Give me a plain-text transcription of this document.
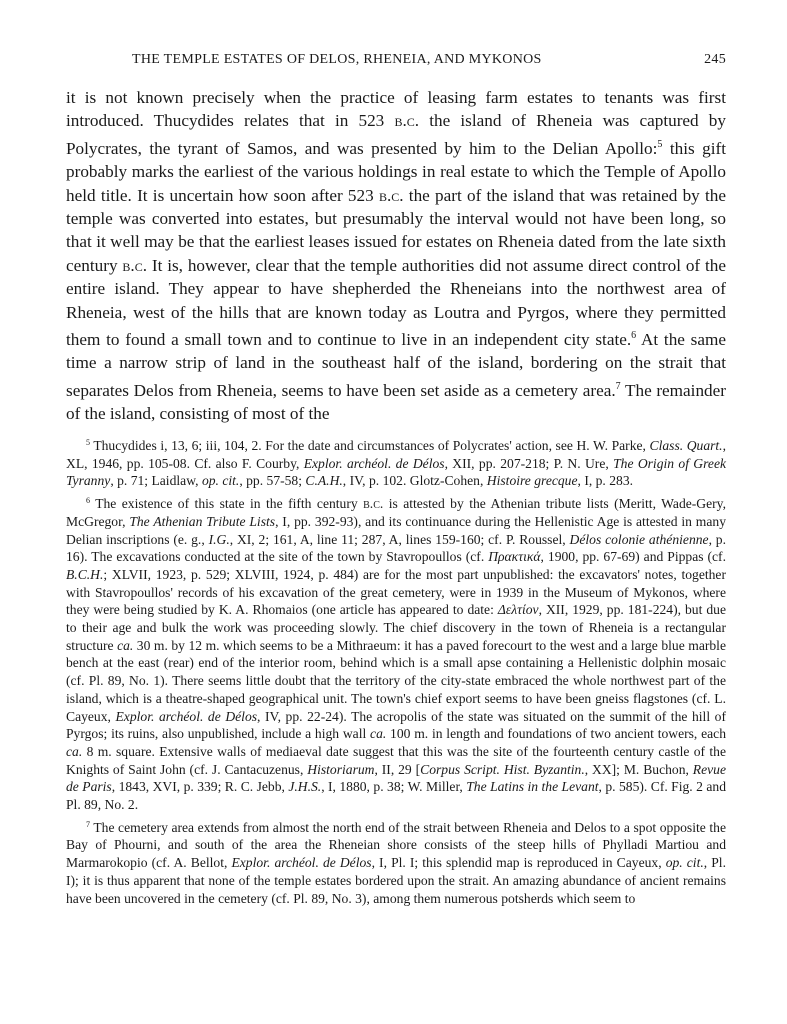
THE TEMPLE ESTATES OF DELOS, RHENEIA, AND MYKONOS	245

it is not known precisely when the practice of leasing farm estates to tenants was first introduced. Thucydides relates that in 523 b.c. the island of Rheneia was captured by Polycrates, the tyrant of Samos, and was presented by him to the Delian Apollo:$^5$ this gift probably marks the earliest of the various holdings in real estate to which the Temple of Apollo held title. It is uncertain how soon after 523 b.c. the part of the island that was retained by the temple was converted into estates, but presumably the interval would not have been long, so that it well may be that the earliest leases issued for estates on Rheneia dated from the late sixth century b.c. It is, however, clear that the temple authorities did not assume direct control of the entire island. They appear to have shepherded the Rheneians into the northwest area of Rheneia, west of the hills that are known today as Loutra and Pyrgos, where they permitted them to found a small town and to continue to live in an independent city state.$^6$ At the same time a narrow strip of land in the southeast half of the island, bordering on the strait that separates Delos from Rheneia, seems to have been set aside as a cemetery area.$^7$ The remainder of the island, consisting of most of the

$^5$ Thucydides i, 13, 6; iii, 104, 2. For the date and circumstances of Polycrates' action, see H. W. Parke, Class. Quart., XL, 1946, pp. 105-08. Cf. also F. Courby, Explor. archéol. de Délos, XII, pp. 207-218; P. N. Ure, The Origin of Greek Tyranny, p. 71; Laidlaw, op. cit., pp. 57-58; C.A.H., IV, p. 102. Glotz-Cohen, Histoire grecque, I, p. 283.

$^6$ The existence of this state in the fifth century b.c. is attested by the Athenian tribute lists (Meritt, Wade-Gery, McGregor, The Athenian Tribute Lists, I, pp. 392-93), and its continuance during the Hellenistic Age is attested in many Delian inscriptions (e. g., I.G., XI, 2; 161, A, line 11; 287, A, lines 159-160; cf. P. Roussel, Délos colonie athénienne, p. 16). The excavations conducted at the site of the town by Stavropoullos (cf. Πρακτικά, 1900, pp. 67-69) and Pippas (cf. B.C.H.; XLVII, 1923, p. 529; XLVIII, 1924, p. 484) are for the most part unpublished: the excavators' notes, together with Stavropoullos' records of his excavation of the great cemetery, were in 1939 in the Museum of Mykonos, where they were being studied by K. A. Rhomaios (one article has appeared to date: Δελτίον, XII, 1929, pp. 181-224), but due to their age and bulk the work was proceeding slowly. The chief discovery in the town of Rheneia is a rectangular structure ca. 30 m. by 12 m. which seems to be a Mithraeum: it has a paved forecourt to the west and a large blue marble bench at the east (rear) end of the interior room, behind which is a small apse containing a Hellenistic dolphin mosaic (cf. Pl. 89, No. 1). There seems little doubt that the territory of the city-state embraced the whole northwest part of the island, which is a theatre-shaped geographical unit. The town's chief export seems to have been gneiss flagstones (cf. L. Cayeux, Explor. archéol. de Délos, IV, pp. 22-24). The acropolis of the state was situated on the summit of the hill of Pyrgos; its ruins, also unpublished, include a high wall ca. 100 m. in length and foundations of two ancient towers, each ca. 8 m. square. Extensive walls of mediaeval date suggest that this was the site of the fourteenth century castle of the Knights of Saint John (cf. J. Cantacuzenus, Historiarum, II, 29 [Corpus Script. Hist. Byzantin., XX]; M. Buchon, Revue de Paris, 1843, XVI, p. 339; R. C. Jebb, J.H.S., I, 1880, p. 38; W. Miller, The Latins in the Levant, p. 585). Cf. Fig. 2 and Pl. 89, No. 2.

$^7$ The cemetery area extends from almost the north end of the strait between Rheneia and Delos to a spot opposite the Bay of Phourni, and south of the area the Rheneian shore consists of the steep hills of Phylladi Martiou and Marmarokopio (cf. A. Bellot, Explor. archéol. de Délos, I, Pl. I; this splendid map is reproduced in Cayeux, op. cit., Pl. I); it is thus apparent that none of the temple estates bordered upon the strait. An amazing abundance of ancient remains have been uncovered in the cemetery (cf. Pl. 89, No. 3), among them numerous potsherds which seem to
